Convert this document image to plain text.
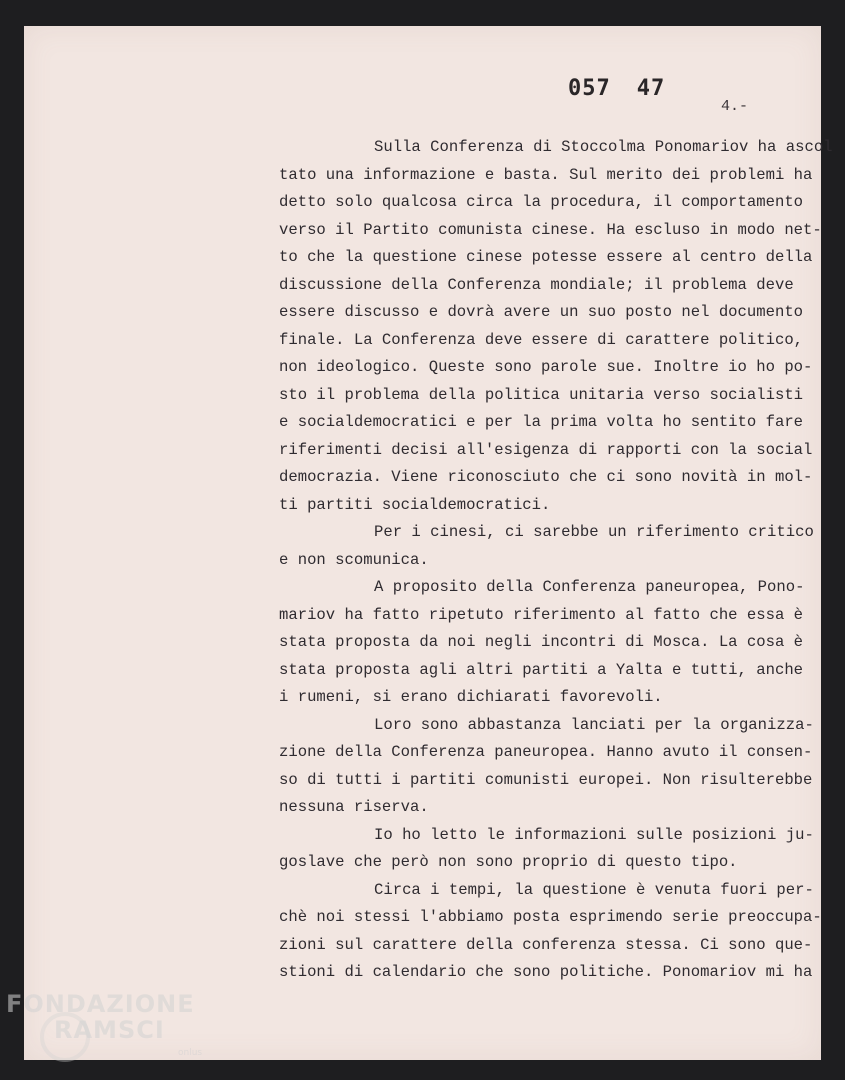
057 47
4.-
Sulla Conferenza di Stoccolma Ponomariov ha ascol
tato una informazione e basta. Sul merito dei problemi ha
detto solo qualcosa circa la procedura, il comportamento
verso il Partito comunista cinese. Ha escluso in modo net-
to che la questione cinese potesse essere al centro della
discussione della Conferenza mondiale; il problema deve
essere discusso e dovrà avere un suo posto nel documento
finale. La Conferenza deve essere di carattere politico,
non ideologico. Queste sono parole sue. Inoltre io ho po-
sto il problema della politica unitaria verso socialisti
e socialdemocratici e per la prima volta ho sentito fare
riferimenti decisi all'esigenza di rapporti con la social
democrazia. Viene riconosciuto che ci sono novità in mol-
ti partiti socialdemocratici.
Per i cinesi, ci sarebbe un riferimento critico
e non scomunica.
A proposito della Conferenza paneuropea, Pono-
mariov ha fatto ripetuto riferimento al fatto che essa è
stata proposta da noi negli incontri di Mosca. La cosa è
stata proposta agli altri partiti a Yalta e tutti, anche
i rumeni, si erano dichiarati favorevoli.
Loro sono abbastanza lanciati per la organizza-
zione della Conferenza paneuropea. Hanno avuto il consen-
so di tutti i partiti comunisti europei. Non risulterebbe
nessuna riserva.
Io ho letto le informazioni sulle posizioni ju-
goslave che però non sono proprio di questo tipo.
Circa i tempi, la questione è venuta fuori per-
chè noi stessi l'abbiamo posta esprimendo serie preoccupa-
zioni sul carattere della conferenza stessa. Ci sono que-
stioni di calendario che sono politiche. Ponomariov mi ha
FONDAZIONE
RAMSCI
onlus
